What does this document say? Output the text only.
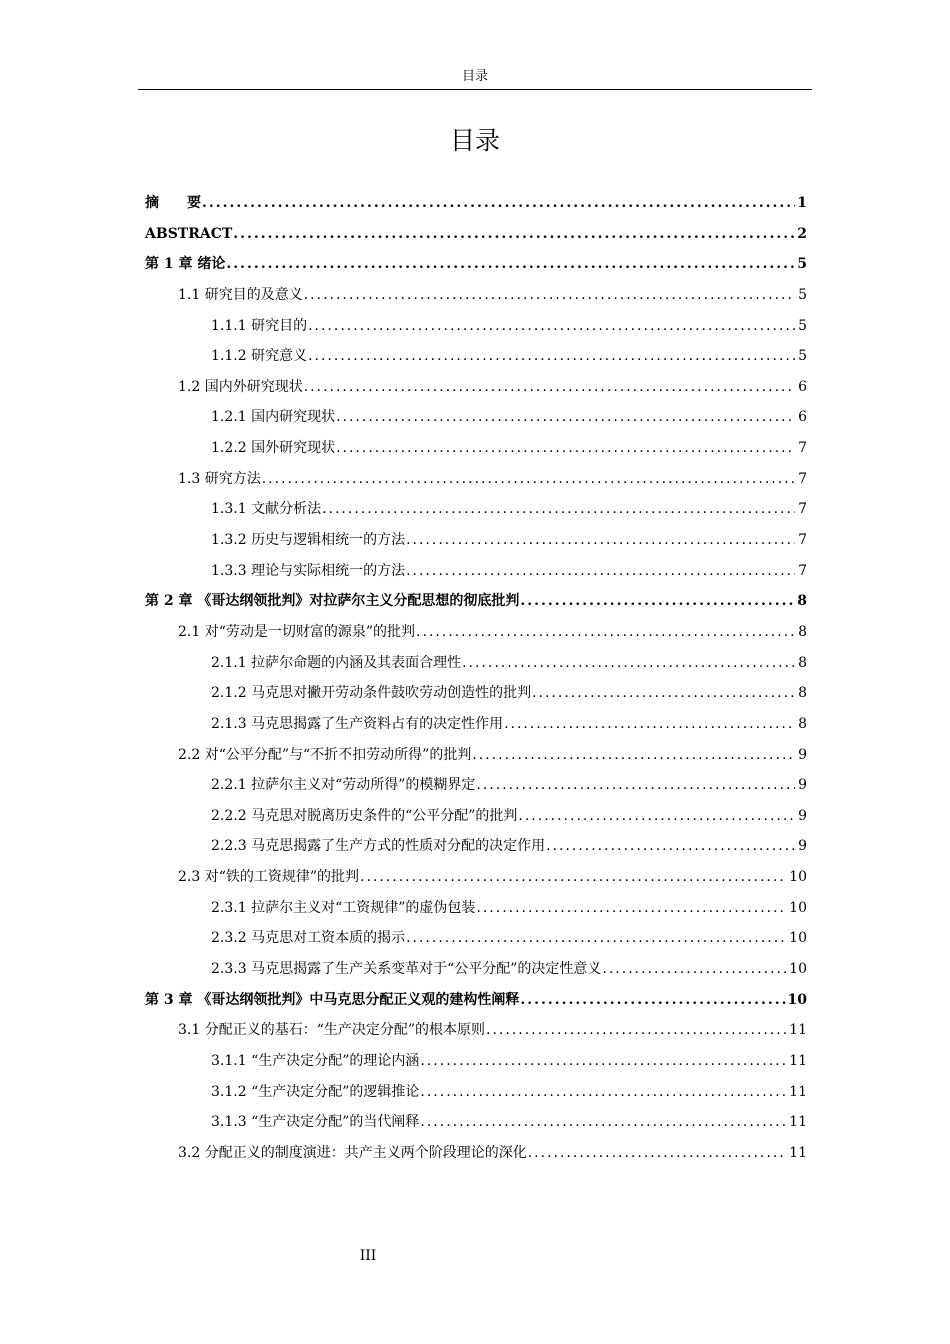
目录
目录
摘　　要 .....	1
ABSTRACT .....	2
第 1 章 绪论 .....	5
1.1 研究目的及意义 .....	5
1.1.1 研究目的 .....	5
1.1.2 研究意义 .....	5
1.2 国内外研究现状 .....	6
1.2.1 国内研究现状 .....	6
1.2.2 国外研究现状 .....	7
1.3 研究方法 .....	7
1.3.1 文献分析法 .....	7
1.3.2 历史与逻辑相统一的方法 .....	7
1.3.3 理论与实际相统一的方法 .....	7
第 2 章 《哥达纲领批判》对拉萨尔主义分配思想的彻底批判 .....	8
2.1 对“劳动是一切财富的源泉”的批判 .....	8
2.1.1 拉萨尔命题的内涵及其表面合理性 .....	8
2.1.2 马克思对撇开劳动条件鼓吹劳动创造性的批判 .....	8
2.1.3 马克思揭露了生产资料占有的决定性作用 .....	8
2.2 对“公平分配”与“不折不扣劳动所得”的批判 .....	9
2.2.1 拉萨尔主义对“劳动所得”的模糊界定 .....	9
2.2.2 马克思对脱离历史条件的“公平分配”的批判 .....	9
2.2.3 马克思揭露了生产方式的性质对分配的决定作用 .....	9
2.3 对“铁的工资规律”的批判 .....	10
2.3.1 拉萨尔主义对“工资规律”的虚伪包装 .....	10
2.3.2 马克思对工资本质的揭示 .....	10
2.3.3 马克思揭露了生产关系变革对于“公平分配”的决定性意义 .....	10
第 3 章 《哥达纲领批判》中马克思分配正义观的建构性阐释 .....	10
3.1 分配正义的基石：“生产决定分配”的根本原则 .....	11
3.1.1 “生产决定分配”的理论内涵 .....	11
3.1.2 “生产决定分配”的逻辑推论 .....	11
3.1.3 “生产决定分配”的当代阐释 .....	11
3.2 分配正义的制度演进：共产主义两个阶段理论的深化 .....	11
III
